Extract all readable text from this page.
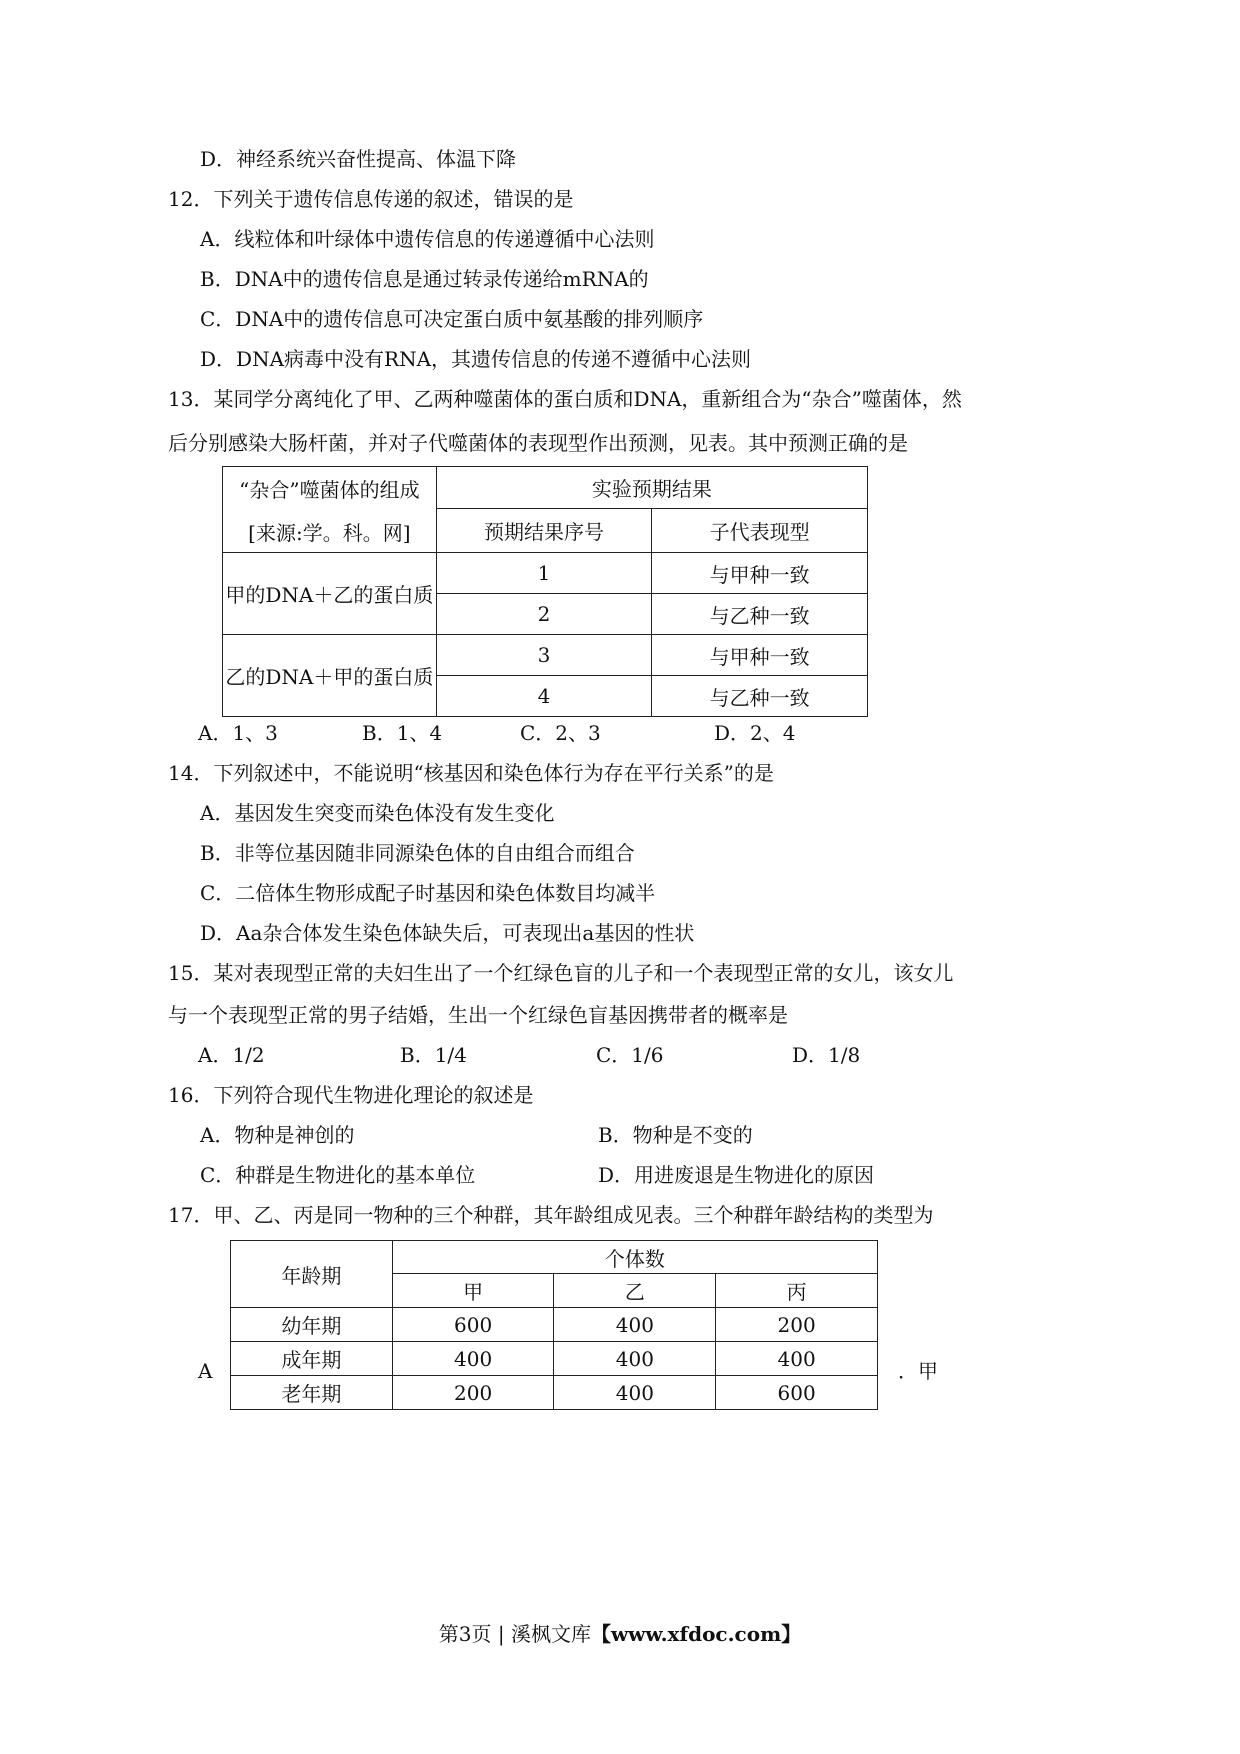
D．神经系统兴奋性提高、体温下降
12．下列关于遗传信息传递的叙述，错误的是
A．线粒体和叶绿体中遗传信息的传递遵循中心法则
B．DNA中的遗传信息是通过转录传递给mRNA的
C．DNA中的遗传信息可决定蛋白质中氨基酸的排列顺序
D．DNA病毒中没有RNA，其遗传信息的传递不遵循中心法则
13．某同学分离纯化了甲、乙两种噬菌体的蛋白质和DNA，重新组合为“杂合”噬菌体，然
后分别感染大肠杆菌，并对子代噬菌体的表现型作出预测，见表。其中预测正确的是
“杂合”噬菌体的组成
[来源:学。科。网]	实验预期结果	
	预期结果序号	子代表现型
甲的DNA＋乙的蛋白质	1	与甲种一致
	2	与乙种一致
乙的DNA＋甲的蛋白质	3	与甲种一致
	4	与乙种一致
A．1、3	B．1、4	C．2、3	D．2、4
14．下列叙述中，不能说明“核基因和染色体行为存在平行关系”的是
A．基因发生突变而染色体没有发生变化
B．非等位基因随非同源染色体的自由组合而组合
C．二倍体生物形成配子时基因和染色体数目均减半
D．Aa杂合体发生染色体缺失后，可表现出a基因的性状
15．某对表现型正常的夫妇生出了一个红绿色盲的儿子和一个表现型正常的女儿，该女儿
与一个表现型正常的男子结婚，生出一个红绿色盲基因携带者的概率是
A．1/2	B．1/4	C．1/6	D．1/8
16．下列符合现代生物进化理论的叙述是
A．物种是神创的	B．物种是不变的
C．种群是生物进化的基本单位	D．用进废退是生物进化的原因
17．甲、乙、丙是同一物种的三个种群，其年龄组成见表。三个种群年龄结构的类型为
年龄期	个体数		
	甲	乙	丙
幼年期	600	400	200
成年期	400	400	400
老年期	200	400	600
A	．甲
第3页 | 溪枫文库【www.xfdoc.com】
